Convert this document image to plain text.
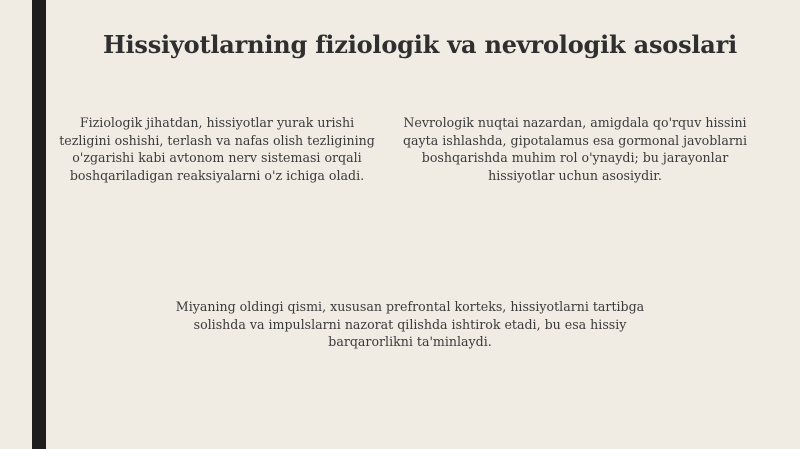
Hissiyotlarning fiziologik va nevrologik asoslari
Fiziologik jihatdan, hissiyotlar yurak urishi tezligini oshishi, terlash va nafas olish tezligining o'zgarishi kabi avtonom nerv sistemasi orqali boshqariladigan reaksiyalarni o'z ichiga oladi.
Nevrologik nuqtai nazardan, amigdala qo'rquv hissini qayta ishlashda, gipotalamus esa gormonal javoblarni boshqarishda muhim rol o'ynaydi; bu jarayonlar hissiyotlar uchun asosiydir.
Miyaning oldingi qismi, xususan prefrontal korteks, hissiyotlarni tartibga solishda va impulslarni nazorat qilishda ishtirok etadi, bu esa hissiy barqarorlikni ta'minlaydi.
